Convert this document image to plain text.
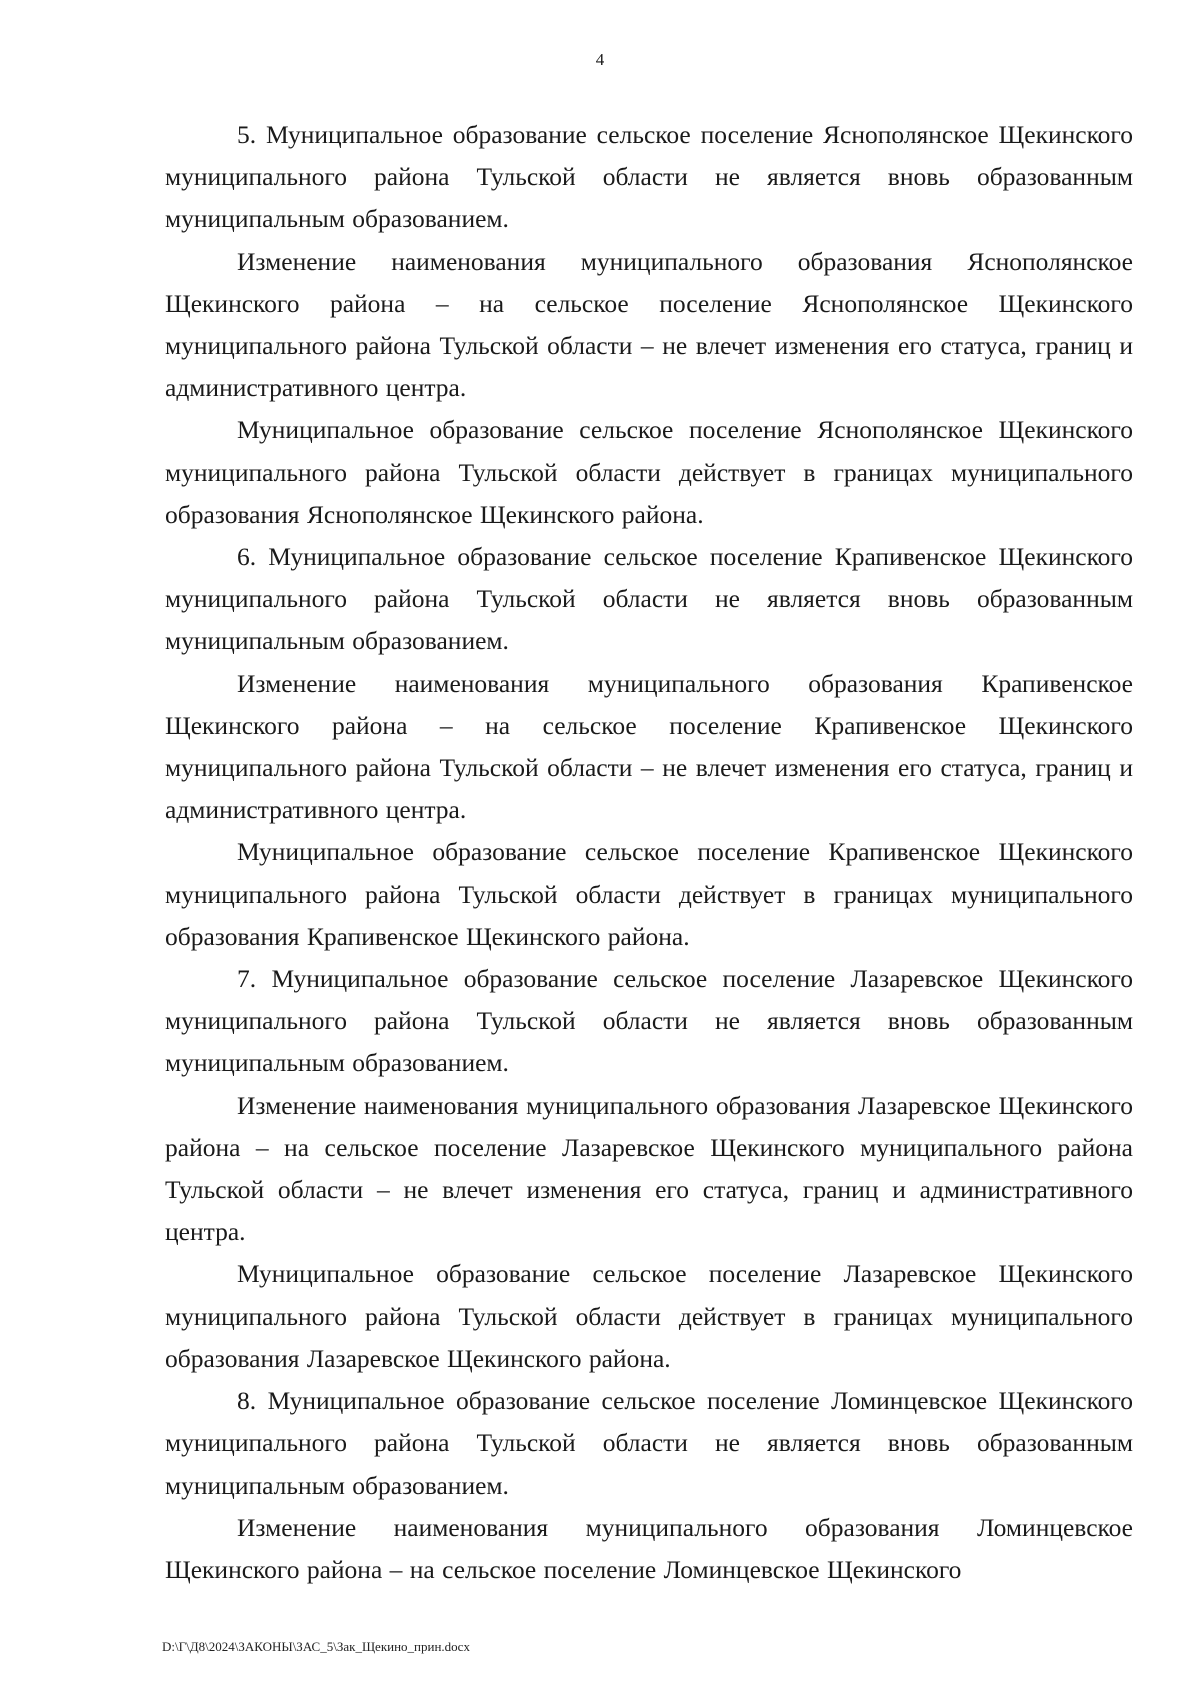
4

5. Муниципальное образование сельское поселение Яснополянское Щекинского муниципального района Тульской области не является вновь образованным муниципальным образованием.

Изменение наименования муниципального образования Яснополянское Щекинского района – на сельское поселение Яснополянское Щекинского муниципального района Тульской области – не влечет изменения его статуса, границ и административного центра.

Муниципальное образование сельское поселение Яснополянское Щекинского муниципального района Тульской области действует в границах муниципального образования Яснополянское Щекинского района.

6. Муниципальное образование сельское поселение Крапивенское Щекинского муниципального района Тульской области не является вновь образованным муниципальным образованием.

Изменение наименования муниципального образования Крапивенское Щекинского района – на сельское поселение Крапивенское Щекинского муниципального района Тульской области – не влечет изменения его статуса, границ и административного центра.

Муниципальное образование сельское поселение Крапивенское Щекинского муниципального района Тульской области действует в границах муниципального образования Крапивенское Щекинского района.

7. Муниципальное образование сельское поселение Лазаревское Щекинского муниципального района Тульской области не является вновь образованным муниципальным образованием.

Изменение наименования муниципального образования Лазаревское Щекинского района – на сельское поселение Лазаревское Щекинского муниципального района Тульской области – не влечет изменения его статуса, границ и административного центра.

Муниципальное образование сельское поселение Лазаревское Щекинского муниципального района Тульской области действует в границах муниципального образования Лазаревское Щекинского района.

8. Муниципальное образование сельское поселение Ломинцевское Щекинского муниципального района Тульской области не является вновь образованным муниципальным образованием.

Изменение наименования муниципального образования Ломинцевское Щекинского района – на сельское поселение Ломинцевское Щекинского

D:\Г\Д8\2024\ЗАКОНЫ\ЗАС_5\Зак_Щекино_прин.docx
